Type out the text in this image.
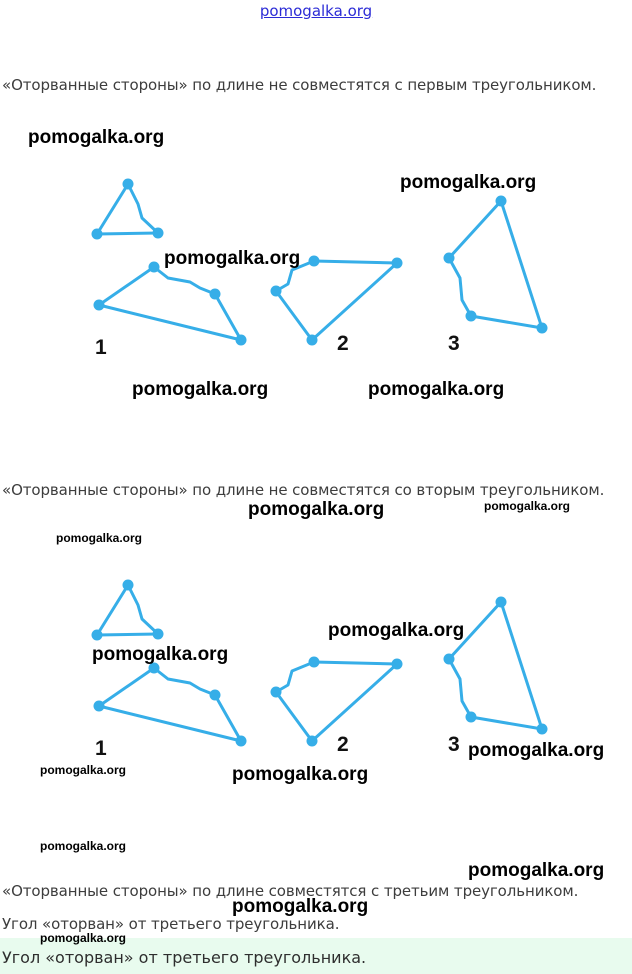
pomogalka.org
«Оторванные стороны» по длине не совместятся с первым треугольником.
1	2	3
«Оторванные стороны» по длине не совместятся со вторым треугольником.
1	2	3
«Оторванные стороны» по длине совместятся с третьим треугольником.
Угол «оторван» от третьего треугольника.
Угол «оторван» от третьего треугольника.
pomogalka.org
pomogalka.org
pomogalka.org
pomogalka.org	pomogalka.org
pomogalka.org	pomogalka.org
pomogalka.org
pomogalka.org
pomogalka.org
pomogalka.org
pomogalka.org	pomogalka.org
pomogalka.org
pomogalka.org
pomogalka.org
pomogalka.org
